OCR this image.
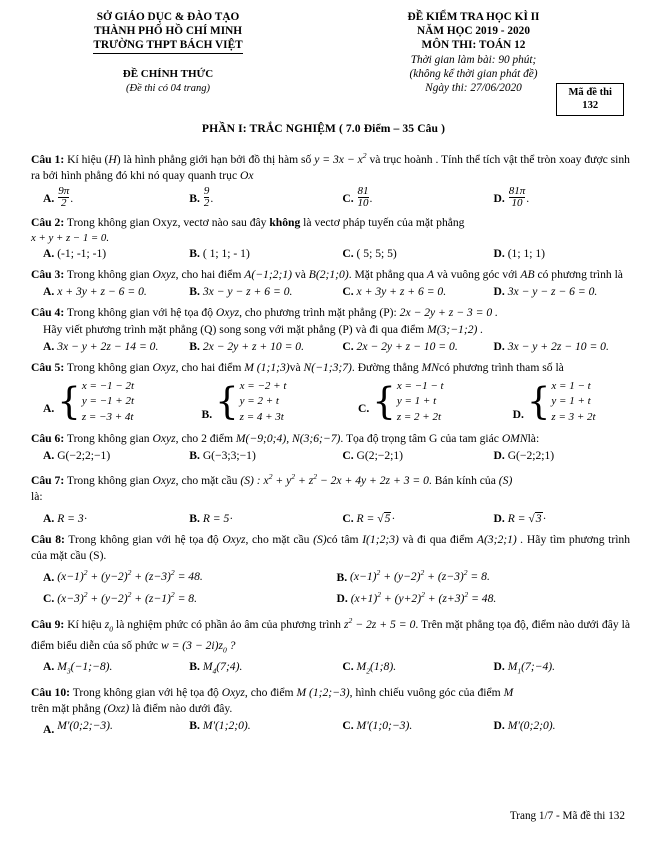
SỞ GIÁO DỤC & ĐÀO TẠO
THÀNH PHỐ HỒ CHÍ MINH
TRƯỜNG THPT BÁCH VIỆT
ĐỀ CHÍNH THỨC
(Đề thi có 04 trang)
ĐỀ KIỂM TRA HỌC KÌ II
NĂM HỌC 2019 - 2020
MÔN THI: TOÁN 12
Thời gian làm bài: 90 phút;
(không kể thời gian phát đề)
Ngày thi: 27/06/2020	Mã đề thi
132
PHẦN I: TRẮC NGHIỆM ( 7.0 Điểm – 35 Câu )
Câu 1: Kí hiệu (H) là hình phẳng giới hạn bởi đồ thị hàm số $y = 3x - x^2$ và trục hoành . Tính thể tích vật thể tròn xoay được sinh ra bởi hình phẳng đó khi nó quay quanh trục Ox
A. $\frac{9\pi}{2}$ .	B. $\frac{9}{2}$ .	C. $\frac{81}{10}$ .	D. $\frac{81\pi}{10}$ .
Câu 2: Trong không gian Oxyz, vectơ nào sau đây không là vectơ pháp tuyến của mặt phẳng
x + y + z − 1 = 0.
A. (-1; -1; -1)	B. ( 1; 1; - 1)	C. ( 5; 5; 5)	D. (1; 1; 1)
Câu 3: Trong không gian Oxyz, cho hai điểm A(−1;2;1) và B(2;1;0). Mặt phẳng qua A và vuông góc với AB có phương trình là
A. x + 3y + z − 6 = 0.	B. 3x − y − z + 6 = 0.	C. x + 3y + z + 6 = 0.	D. 3x − y − z − 6 = 0.
Câu 4: Trong không gian với hệ tọa độ Oxyz, cho phương trình mặt phẳng (P): 2x − 2y + z − 3 = 0 .
Hãy viết phương trình mặt phẳng (Q) song song với mặt phẳng (P) và đi qua điểm M(3;−1;2) .
A. 3x − y + 2z − 14 = 0.	B. 2x − 2y + z + 10 = 0.	C. 2x − 2y + z − 10 = 0.	D. 3x − y + 2z − 10 = 0.
Câu 5: Trong không gian Oxyz, cho hai điểm M (1;1;3)và N(−1;3;7). Đường thẳng MNcó phương trình tham số là
A. { x = −1 − 2t
y = −1 + 2t
z = −3 + 4t	B. { x = −2 + t
y = 2 + t
z = 4 + 3t
C. { x = −1 − t
y = 1 + t
z = 2 + 2t	D. { x = 1 − t
y = 1 + t
z = 3 + 2t
Câu 6: Trong không gian Oxyz, cho 2 điểm M(−9;0;4), N(3;6;−7). Tọa độ trọng tâm G của tam giác OMNlà:
A. G(−2;2;−1)	B. G(−3;3;−1)	C. G(2;−2;1)	D. G(−2;2;1)
Câu 7: Trong không gian Oxyz, cho mặt cầu (S) : $x^2 + y^2 + z^2 - 2x + 4y + 2z + 3 = 0$. Bán kính của (S)
là:
A. R = 3·	B. R = 5·	C. R = √5·	D. R = √3·
Câu 8: Trong không gian với hệ tọa độ Oxyz, cho mặt cầu (S)có tâm I(1;2;3) và đi qua điểm A(3;2;1) . Hãy tìm phương trình của mặt cầu (S).
A. $(x-1)^2 + (y-2)^2 + (z-3)^2 = 48$.	B. $(x-1)^2 + (y-2)^2 + (z-3)^2 = 8$.
C. $(x-3)^2 + (y-2)^2 + (z-1)^2 = 8$.	D. $(x+1)^2 + (y+2)^2 + (z+3)^2 = 48$.
Câu 9: Kí hiệu $z_0$ là nghiệm phức có phần ảo âm của phương trình $z^2 - 2z + 5 = 0$. Trên mặt phẳng tọa độ, điểm nào dưới đây là điểm biểu diễn của số phức $w = (3 - 2i)z_0$ ?
A. $M_3(-1;-8)$.	B. $M_4(7;4)$.	C. $M_2(1;8)$.	D. $M_1(7;-4)$.
Câu 10: Trong không gian với hệ tọa độ Oxyz, cho điểm M (1;2;−3), hình chiếu vuông góc của điểm M
trên mặt phẳng (Oxz) là điểm nào dưới đây.
A. M'(0;2;−3).	B. M'(1;2;0).	C. M'(1;0;−3).	D. M'(0;2;0).
Trang 1/7 - Mã đề thi 132
